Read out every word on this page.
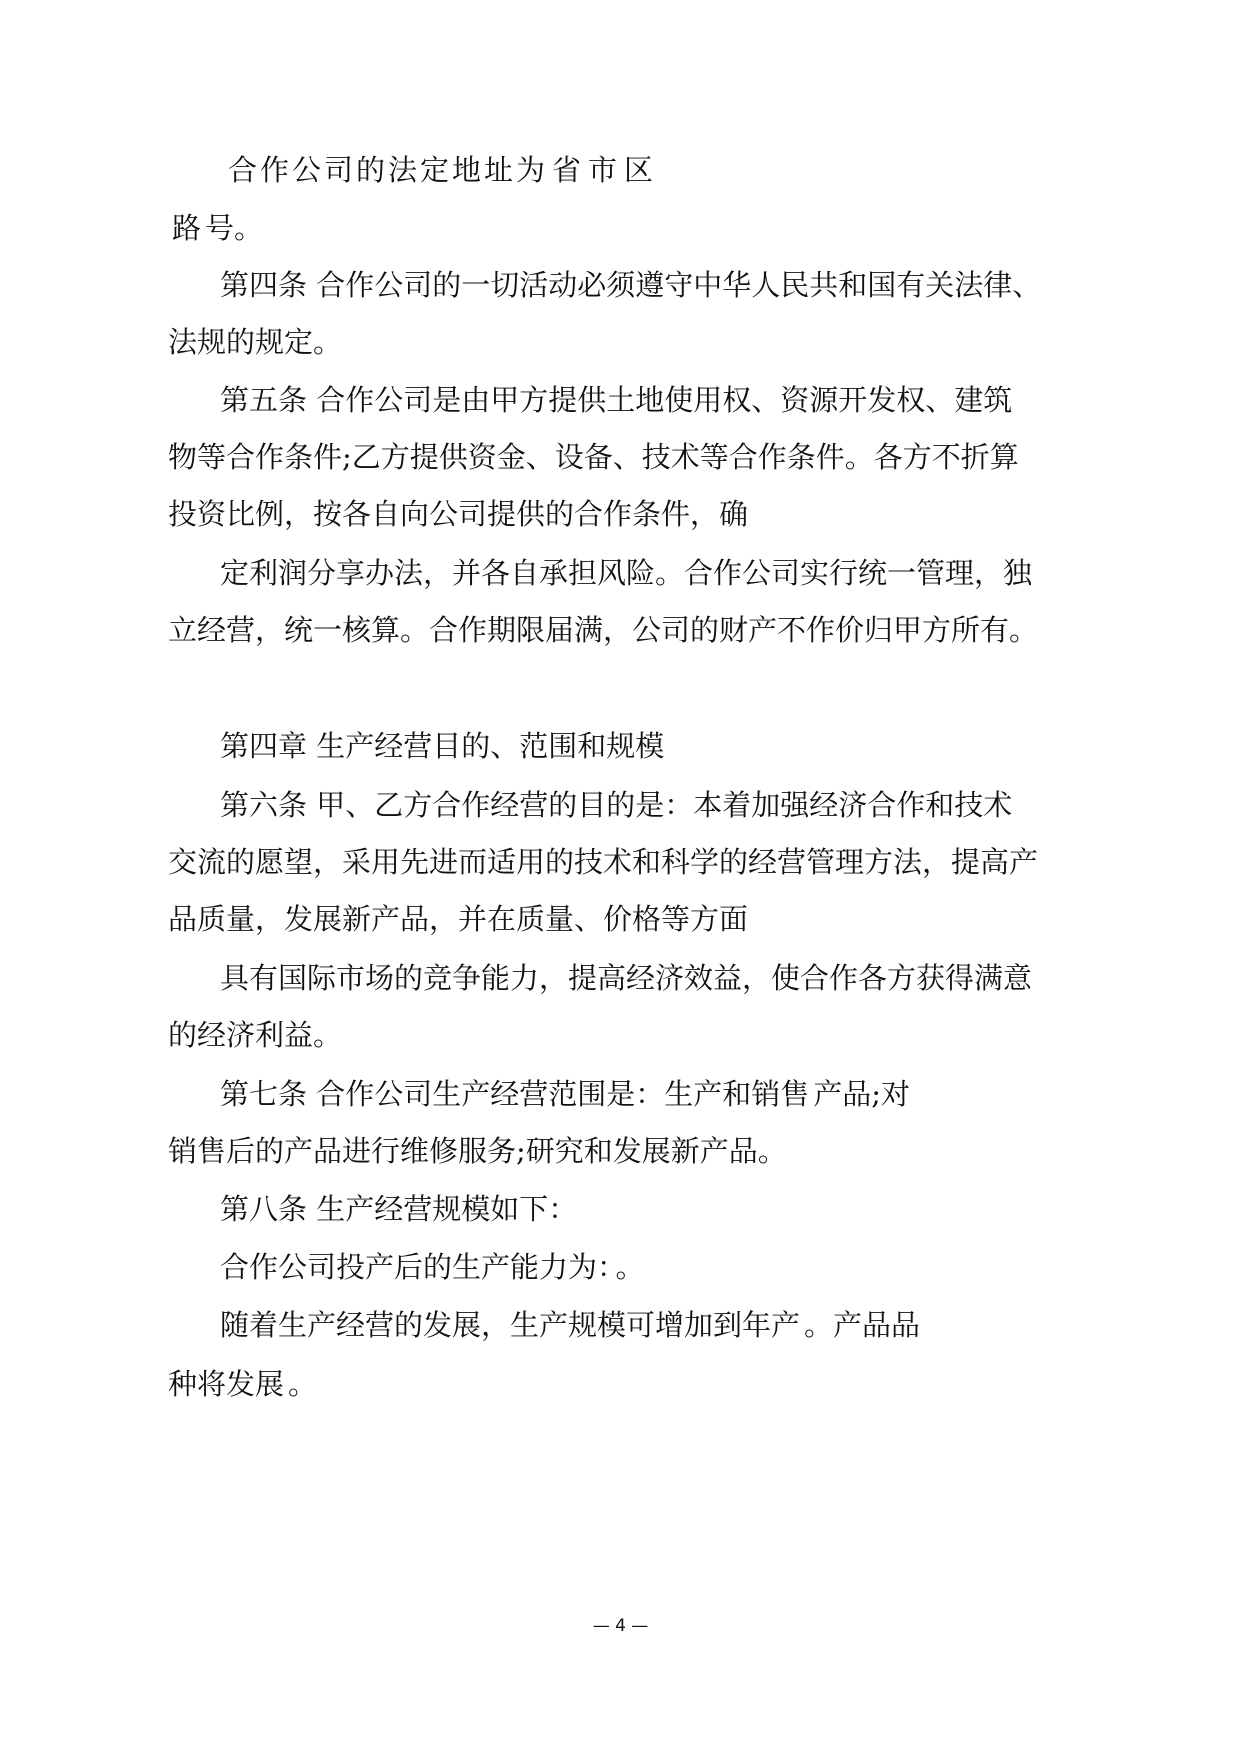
合作公司的法定地址为 省 市 区
路 号。
第四条 合作公司的一切活动必须遵守中华人民共和国有关法律、
法规的规定。
第五条 合作公司是由甲方提供土地使用权、资源开发权、建筑
物等合作条件;乙方提供资金、设备、技术等合作条件。各方不折算
投资比例，按各自向公司提供的合作条件，确
定利润分享办法，并各自承担风险。合作公司实行统一管理，独
立经营，统一核算。合作期限届满，公司的财产不作价归甲方所有。
第四章 生产经营目的、范围和规模
第六条 甲、乙方合作经营的目的是：本着加强经济合作和技术
交流的愿望，采用先进而适用的技术和科学的经营管理方法，提高产
品质量，发展新产品，并在质量、价格等方面
具有国际市场的竞争能力，提高经济效益，使合作各方获得满意
的经济利益。
第七条 合作公司生产经营范围是：生产和销售 产品;对
销售后的产品进行维修服务;研究和发展新产品。
第八条 生产经营规模如下：
合作公司投产后的生产能力为： 。
随着生产经营的发展，生产规模可增加到年产 。产品品
种将发展 。
— 4 —
